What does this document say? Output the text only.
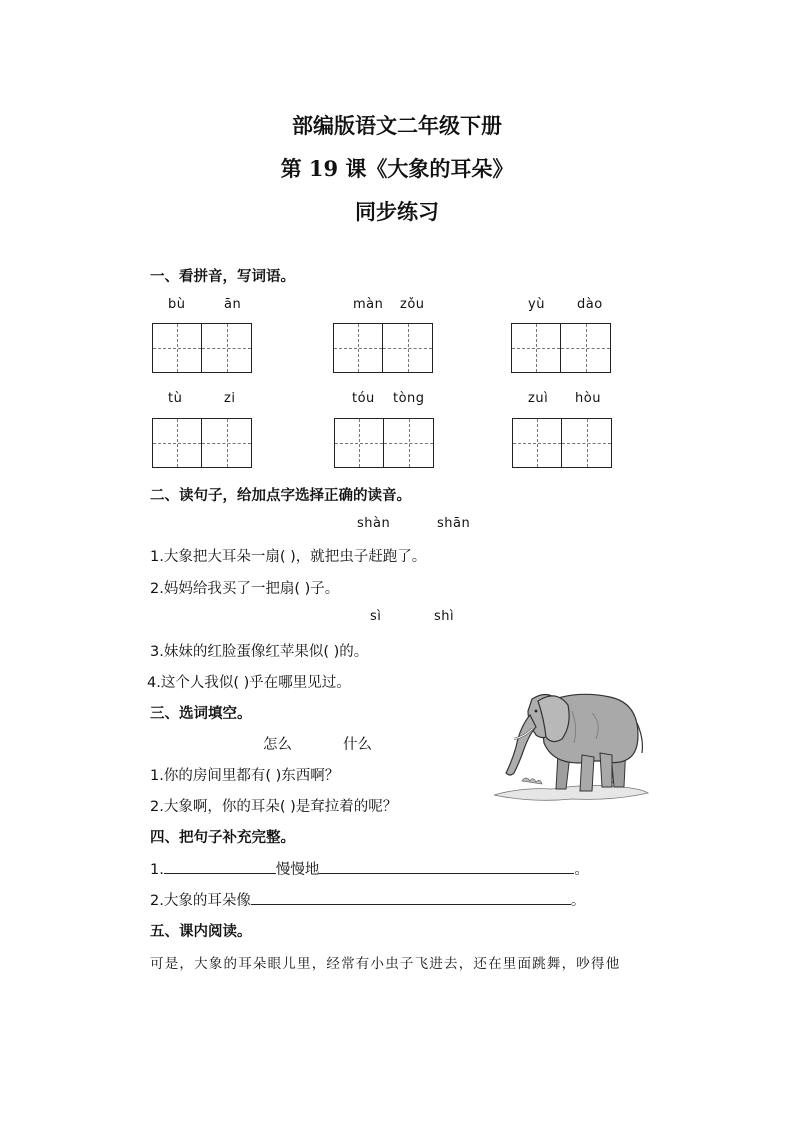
部编版语文二年级下册
第 19 课《大象的耳朵》
同步练习
一、看拼音，写词语。
bù	ān	màn zǒu	yù dào
tù	zi	tóu tòng	zuì hòu
二、读句子，给加点字选择正确的读音。
shàn	shān
1.大象把大耳朵一扇( )，就把虫子赶跑了。
2.妈妈给我买了一把扇( )子。
sì	shì
3.妹妹的红脸蛋像红苹果似( )的。
4.这个人我似( )乎在哪里见过。
三、选词填空。
怎么	什么
1.你的房间里都有( )东西啊？
2.大象啊，你的耳朵( )是耷拉着的呢？
四、把句子补充完整。
1.	慢慢地	。
2.大象的耳朵像	。
五、课内阅读。
可是，大象的耳朵眼儿里，经常有小虫子飞进去，还在里面跳舞，吵得他
